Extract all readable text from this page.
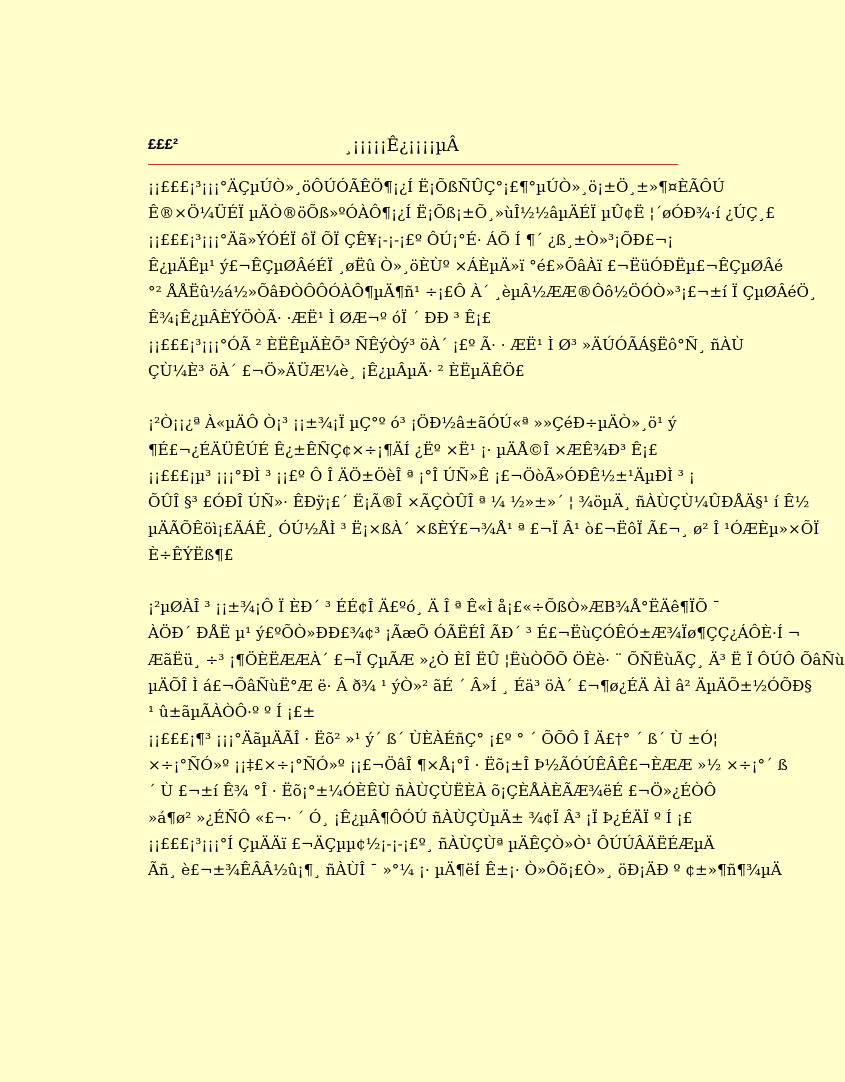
£££²	¸¡¡¡¡¡Ê¿¡¡¡¡µÂ
¡¡£££¡³¡¡¡°ÄÇµÚÒ»¸öÔÚÓÃÊÖ¶¡¿Í Ë¡ÕßÑÛÇ°¡£¶°µÚÒ»¸ö¡±Ö¸±»¶¤ÈÃÔÚ
Ê®×Ö¼ÜÉÏ µÄÒ®öÕß»ºÓÀÔ¶¡¿Í Ë¡Õß¡±Õ¸»ùÎ½½âµÄÉÏ µÛ¢Ë ¦´øÓÐ¾·í ¿ÚÇ¸£
¡¡£££¡³¡¡¡°Äã»ÝÓÉÏ ôÏ ÕÏ ÇÊ¥¡-¡-¡£º ÔÚ¡°É· ÁÕ Í ¶´ ¿ß¸±Ò»³¡ÕÐ£¬¡
Ê¿µÄÊµ¹ ý£¬ÊÇµØÂéÉÏ ¸øËû Ò»¸öÈÙº ×ÁÈµÄ»ï °é£»ÕâÀï £¬ËüÓÐËµ£¬ÊÇµØÂé
°² ÅÅËû½á½»ÕâÐÒÔÔÓÀÔ¶µÄ¶ñ¹ ÷¡£Ô À´ ¸èµÂ½ÆÆ®Ôô½ÖÓÒ»³¡£¬±í Ï ÇµØÂéÖ¸
Ê¾¡Ê¿µÂÈÝÖÒÃ· ·ÆË¹ Ì ØÆ¬º óÏ ´ ÐÐ ³ Ê¡£
¡¡£££¡³¡¡¡°ÓÃ ² ÈËÊµÄÈÕ³ ÑÊýÒý³ öÀ´ ¡£º Ã· · ÆË¹ Ì Ø³ »ÄÚÓÃÁ§Ëô°Ñ¸ ñÀÙ
ÇÙ¼È³ öÀ´ £¬Ö»ÄÜÆ¼è¸ ¡Ê¿µÂµÄ· ² ÈËµÄÊÖ£
¡²Ò¡¡¿ª À«µÄÔ Ò¡³ ¡¡±¾¡Ï µÇ°º ó³ ¡ÖÐ½â±ãÓÚ«ª »»ÇéÐ÷µÄÒ»¸ö¹ ý
¶É£¬¿ÉÄÜÊÚÉ Ê¿±ÊÑÇ¢×÷¡¶ÄÍ ¿Ëº ×Ë¹ ¡· µÄÅ©Î ×ÆÊ¾Ð³ Ê¡£
¡¡£££¡µ³ ¡¡¡°ÐÌ ³ ¡¡£º Ô Î ÄÖ±ÖèÎ ª ¡°Î ÚÑ»Ê ¡£¬ÖòÃ»ÓÐÊ½±¹ÄµÐÌ ³ ¡
ÕÛÎ §³ £ÓÐÎ ÚÑ»· ÊÐÿ¡£´ Ë¡Ã®Î ×ÃÇÒÛÎ ª ¼ ½»±»´ ¦ ¾öµÄ¸ ñÀÙÇÙ¼ÛÐÅÄ§¹ í Ê½
µÄÃÕÊöì¡£ÄÁÊ¸ ÓÚ½ÅÌ ³ Ë¡×ßÀ´ ×ßÈÝ£¬¾Å¹ ª £¬Ï Â¹ ò£¬ËôÏ Ã£¬¸ ø² Î ¹ÓÆÈµ»×ÕÏ
È÷ÊÝËß¶£
¡²µØÀÎ ³ ¡¡±¾¡Ô Ï ÈÐ´ ³ ÉÉ¢Î Ä£ºó¸ Ä Î ª Ê«Ì å¡£«÷ÕßÒ»ÆB¾Å°ËÄê¶ÏÕ ¯
ÀÖÐ´ ÐÅË µ¹ ý£ºÕÒ»ÐÐ£¾¢³ ¡ÃæÕ ÓÃËÉÎ ÃÐ´ ³ É£¬ËùÇÓÊÓ±Æ¾Ïø¶ÇÇ¿ÁÔÈ·Í ¬
ÆãËü¸ ÷³ ¡¶ÖÈËÆÆÀ´ £¬Ï ÇµÃÆ »¿Ò ÈÎ ËÛ ¦ËùÒÕÕ ÖÈè· ¨ ÕÑËùÃÇ¸ Ä³ Ë Ï ÔÚÔ ÕâÑù
µÄÕÎ Ì á£¬ÕâÑùË°Æ ë· Â ð¾ ¹ ýÒ»² ãÉ ´ Â»Í ¸ Éä³ öÀ´ £¬¶ø¿ÉÄ ÀÌ â² ÄµÄÕ±½ÓÕÐ§
¹ û±ãµÃÀÒÔ·º º Í ¡£±
¡¡£££¡¶³ ¡¡¡°ÄãµÄÃÎ · Ëõ² »¹ ý´ ß´ ÙÈÀÉñÇ° ¡£º ° ´ ÕÕÔ Î Ä£†° ´ ß´ Ù ±Ó¦
×÷¡°ÑÓ»º ¡¡‡£×÷¡°ÑÓ»º ¡¡£¬ÖâÎ ¶×Å¡°Î · Ëõ¡±Î Þ½ÃÓÚÊÂÊ£¬ÈÆÆ »½ ×÷¡°´ ß
´ Ù £¬±í Ê¾ °Î · Ëõ¡°±¼ÓÈÊÙ ñÀÙÇÙËÈÀ õ¡ÇÈÅÀÈÃÆ¾ëÉ £¬Ö»¿ÉÒÔ
»á¶ø² »¿ÉÑÔ «£¬· ´ Ó¸ ¡Ê¿µÂ¶ÔÓÚ ñÀÙÇÙµÄ± ¾¢Ï Â³ ¡Ï Þ¿ÉÄÏ º Í ¡£
¡¡£££¡³¡¡¡°Í ÇµÄÄï £¬ÄÇµµ¢½¡-¡-¡£º¸ ñÀÙÇÙª µÄÊÇÒ»Ò¹ ÔÚÚÂÄËÉÆµÄ
Ãñ¸ è£¬±¾ÊÂÂ½û¡¶¸ ñÀÙÎ ¯ »°¼ ¡· µÄ¶ëÍ Ê±¡· Ò»Ôõ¡£Ò»¸ öÐ¡ÄÐ º ¢±»¶ñ¶¾µÄ
